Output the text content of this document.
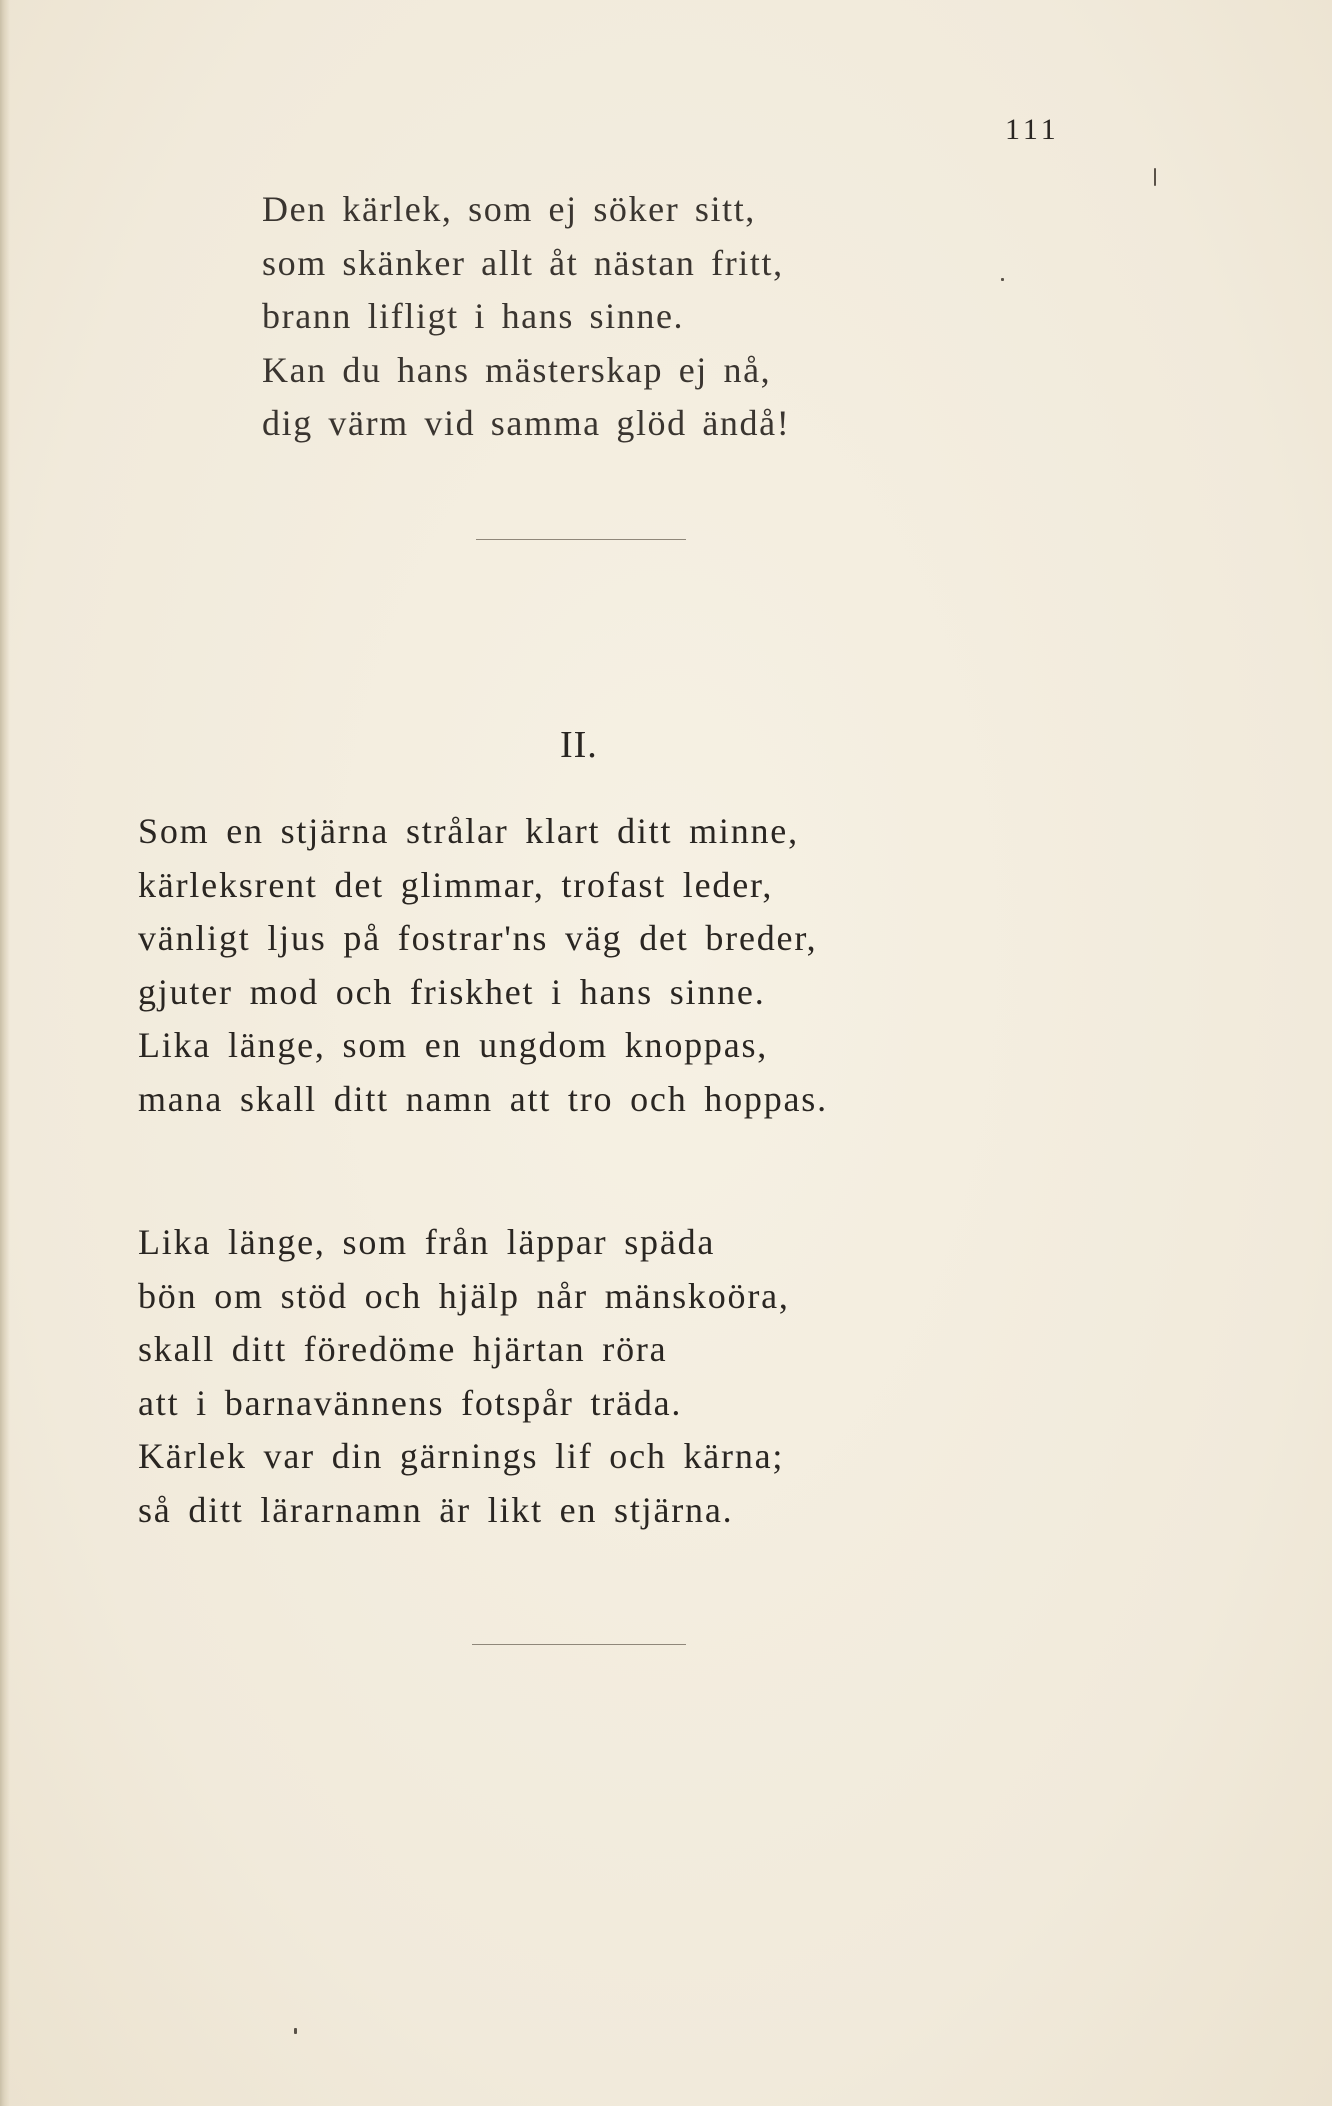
111
Den kärlek, som ej söker sitt,
som skänker allt åt nästan fritt,
brann lifligt i hans sinne.
Kan du hans mästerskap ej nå,
dig värm vid samma glöd ändå!
II.
Som en stjärna strålar klart ditt minne,
kärleksrent det glimmar, trofast leder,
vänligt ljus på fostrar'ns väg det breder,
gjuter mod och friskhet i hans sinne.
Lika länge, som en ungdom knoppas,
mana skall ditt namn att tro och hoppas.
Lika länge, som från läppar späda
bön om stöd och hjälp når mänskoöra,
skall ditt föredöme hjärtan röra
att i barnavännens fotspår träda.
Kärlek var din gärnings lif och kärna;
så ditt lärarnamn är likt en stjärna.
